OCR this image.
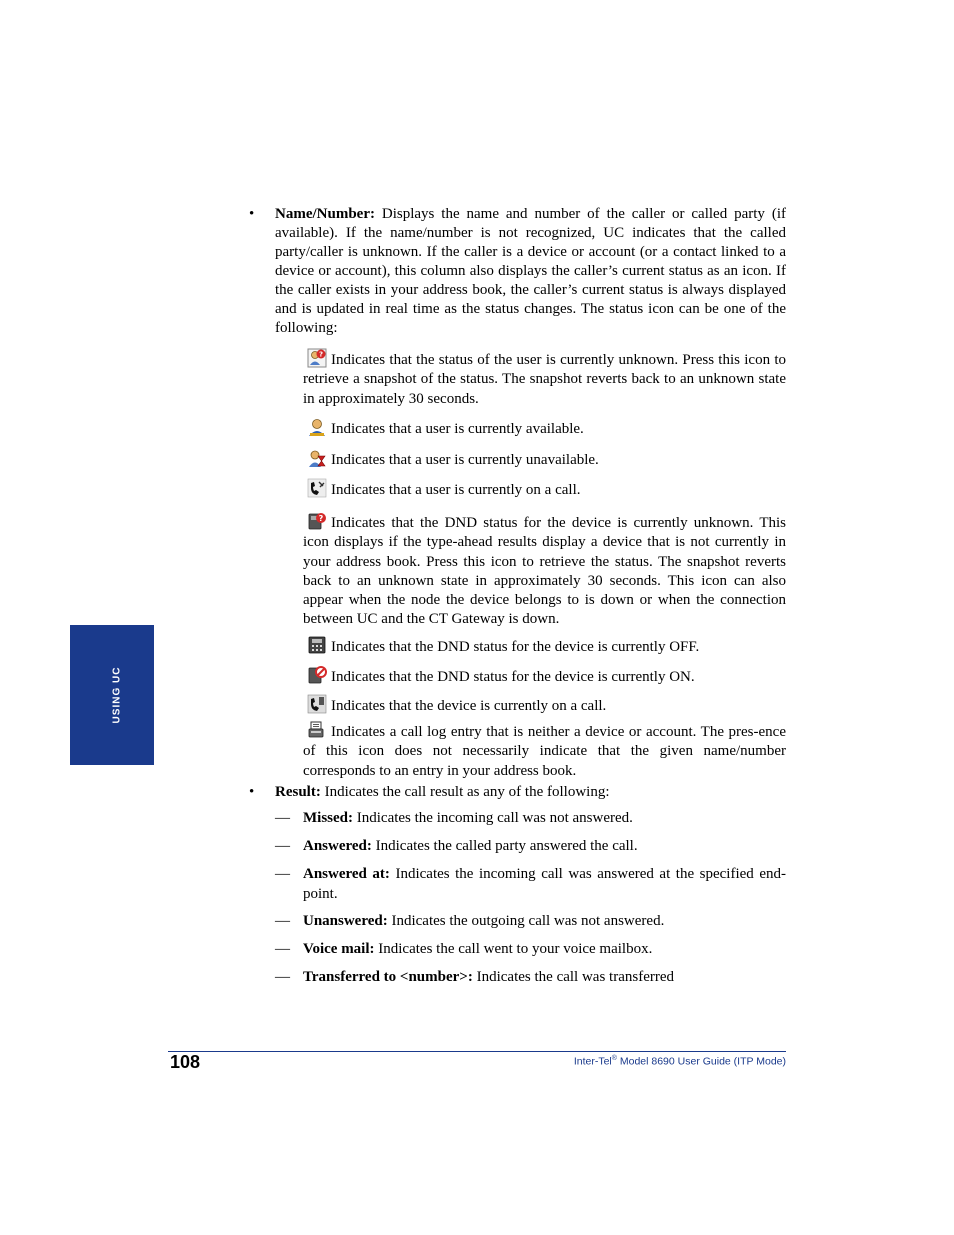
USING UC
• Name/Number: Displays the name and number of the caller or called party (if available). If the name/number is not recognized, UC indicates that the called party/caller is unknown. If the caller is a device or account (or a contact linked to a device or account), this column also displays the caller’s current status as an icon. If the caller exists in your address book, the caller’s current status is always displayed and is updated in real time as the status changes. The status icon can be one of the following:

? Indicates that the status of the user is currently unknown. Press this icon to retrieve a snapshot of the status. The snapshot reverts back to an unknown state in approximately 30 seconds.

Indicates that a user is currently available.

Indicates that a user is currently unavailable.

Indicates that a user is currently on a call.

? Indicates that the DND status for the device is currently unknown. This icon displays if the type-ahead results display a device that is not currently in your address book. Press this icon to retrieve the status. The snapshot reverts back to an unknown state in approximately 30 seconds. This icon can also appear when the node the device belongs to is down or when the connection between UC and the CT Gateway is down.

Indicates that the DND status for the device is currently OFF.

Indicates that the DND status for the device is currently ON.

Indicates that the device is currently on a call.

Indicates a call log entry that is neither a device or account. The pres-ence of this icon does not necessarily indicate that the given name/number corresponds to an entry in your address book.

• Result: Indicates the call result as any of the following:

— Missed: Indicates the incoming call was not answered.

— Answered: Indicates the called party answered the call.

— Answered at: Indicates the incoming call was answered at the specified end-point.

— Unanswered: Indicates the outgoing call was not answered.

— Voice mail: Indicates the call went to your voice mailbox.

— Transferred to <number>: Indicates the call was transferred

108	Inter-Tel® Model 8690 User Guide (ITP Mode)
